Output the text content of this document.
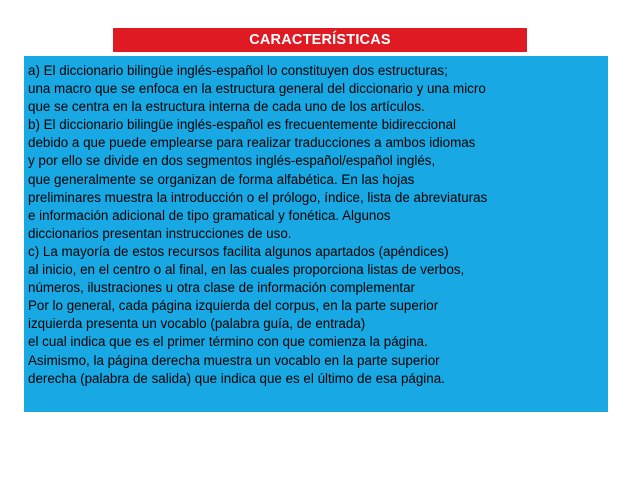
CARACTERÍSTICAS
a) El diccionario bilingüe inglés-español lo constituyen dos estructuras;
una macro que se enfoca en la estructura general del diccionario y una micro
que se centra en la estructura interna de cada uno de los artículos.
b) El diccionario bilingüe inglés-español es frecuentemente bidireccional
debido a que puede emplearse para realizar traducciones a ambos idiomas
y por ello se divide en dos segmentos inglés-español/español inglés,
que generalmente se organizan de forma alfabética. En las hojas
preliminares muestra la introducción o el prólogo, índice, lista de abreviaturas
e información adicional de tipo gramatical y fonética. Algunos
diccionarios presentan instrucciones de uso.
c) La mayoría de estos recursos facilita algunos apartados (apéndices)
al inicio, en el centro o al final, en las cuales proporciona listas de verbos,
números, ilustraciones u otra clase de información complementar
Por lo general, cada página izquierda del corpus, en la parte superior
izquierda presenta un vocablo (palabra guía, de entrada)
el cual indica que es el primer término con que comienza la página.
Asimismo, la página derecha muestra un vocablo en la parte superior
derecha (palabra de salida) que indica que es el último de esa página.
